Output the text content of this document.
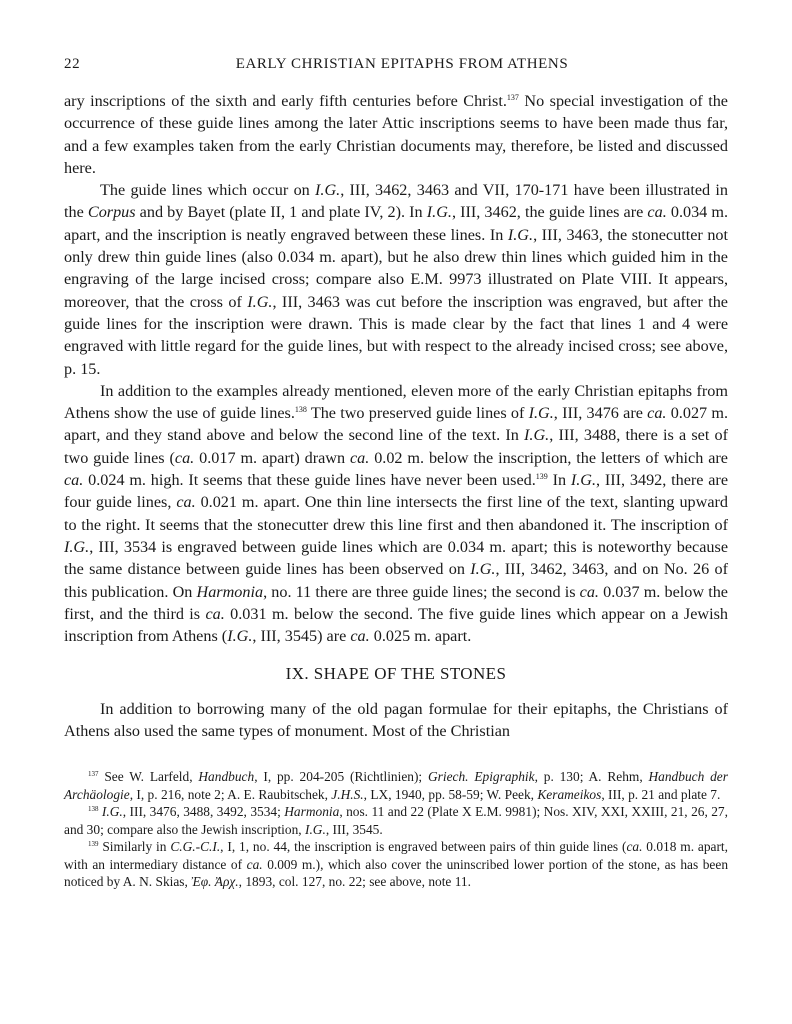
22	EARLY CHRISTIAN EPITAPHS FROM ATHENS

ary inscriptions of the sixth and early fifth centuries before Christ.$^{137}$ No special investigation of the occurrence of these guide lines among the later Attic inscriptions seems to have been made thus far, and a few examples taken from the early Christian documents may, therefore, be listed and discussed here.

The guide lines which occur on I.G., III, 3462, 3463 and VII, 170-171 have been illustrated in the Corpus and by Bayet (plate II, 1 and plate IV, 2). In I.G., III, 3462, the guide lines are ca. 0.034 m. apart, and the inscription is neatly engraved between these lines. In I.G., III, 3463, the stonecutter not only drew thin guide lines (also 0.034 m. apart), but he also drew thin lines which guided him in the engraving of the large incised cross; compare also E.M. 9973 illustrated on Plate VIII. It appears, moreover, that the cross of I.G., III, 3463 was cut before the inscription was engraved, but after the guide lines for the inscription were drawn. This is made clear by the fact that lines 1 and 4 were engraved with little regard for the guide lines, but with respect to the already incised cross; see above, p. 15.

In addition to the examples already mentioned, eleven more of the early Christian epitaphs from Athens show the use of guide lines.$^{138}$ The two preserved guide lines of I.G., III, 3476 are ca. 0.027 m. apart, and they stand above and below the second line of the text. In I.G., III, 3488, there is a set of two guide lines (ca. 0.017 m. apart) drawn ca. 0.02 m. below the inscription, the letters of which are ca. 0.024 m. high. It seems that these guide lines have never been used.$^{139}$ In I.G., III, 3492, there are four guide lines, ca. 0.021 m. apart. One thin line intersects the first line of the text, slanting upward to the right. It seems that the stonecutter drew this line first and then abandoned it. The inscription of I.G., III, 3534 is engraved between guide lines which are 0.034 m. apart; this is noteworthy because the same distance between guide lines has been observed on I.G., III, 3462, 3463, and on No. 26 of this publication. On Harmonia, no. 11 there are three guide lines; the second is ca. 0.037 m. below the first, and the third is ca. 0.031 m. below the second. The five guide lines which appear on a Jewish inscription from Athens (I.G., III, 3545) are ca. 0.025 m. apart.

IX. SHAPE OF THE STONES

In addition to borrowing many of the old pagan formulae for their epitaphs, the Christians of Athens also used the same types of monument. Most of the Christian

$^{137}$ See W. Larfeld, Handbuch, I, pp. 204-205 (Richtlinien); Griech. Epigraphik, p. 130; A. Rehm, Handbuch der Archäologie, I, p. 216, note 2; A. E. Raubitschek, J.H.S., LX, 1940, pp. 58-59; W. Peek, Kerameikos, III, p. 21 and plate 7.

$^{138}$ I.G., III, 3476, 3488, 3492, 3534; Harmonia, nos. 11 and 22 (Plate X E.M. 9981); Nos. XIV, XXI, XXIII, 21, 26, 27, and 30; compare also the Jewish inscription, I.G., III, 3545.

$^{139}$ Similarly in C.G.-C.I., I, 1, no. 44, the inscription is engraved between pairs of thin guide lines (ca. 0.018 m. apart, with an intermediary distance of ca. 0.009 m.), which also cover the uninscribed lower portion of the stone, as has been noticed by A. N. Skias, Ἐφ. Ἀρχ., 1893, col. 127, no. 22; see above, note 11.
